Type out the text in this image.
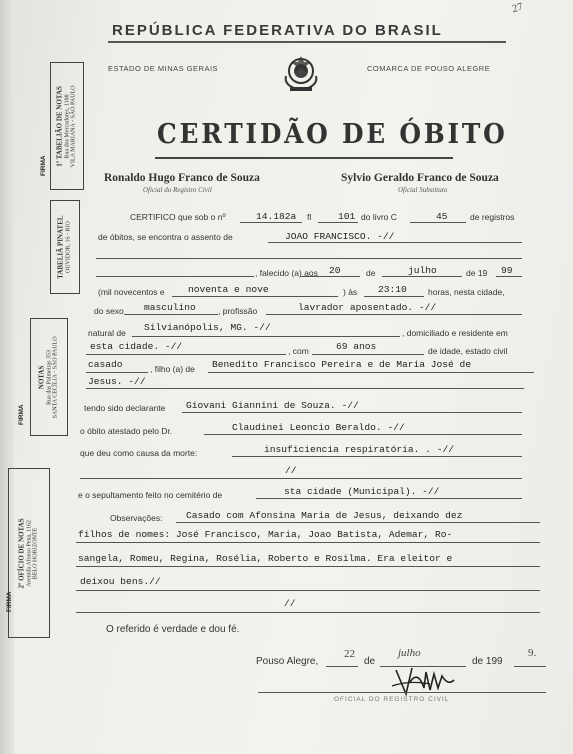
27
REPÚBLICA FEDERATIVA DO BRASIL
ESTADO DE MINAS GERAIS	COMARCA DE POUSO ALEGRE
CERTIDÃO DE ÓBITO
Ronaldo Hugo Franco de Souza
Oficial do Registro Civil
Sylvio Geraldo Franco de Souza
Oficial Substituto
1º TABELIÃO DE NOTAS Rua dos Mercadores, 1188 VILA MARIANA - SÃO PAULO
FIRMA
TABELIÃ PINATEL OUVIDOR, 16 - RIO
NOTAS Rua das Palmeiras 353 SANTA CECÍLIA - SÃO PAULO
FIRMA
2º OFÍCIO DE NOTAS Avenida Afonso Pena, 1162 BELO HORIZONTE
FIRMA
CERTIFICO que sob o nº	14.182a fl	101 do livro C	45	de registros
de óbitos, se encontra o assento de	JOAO FRANCISCO. -//
, falecido (a) aos 20	de	julho	de 19 99
(mil novecentos e noventa e nove	) às 23:10 horas, nesta cidade,
do sexo masculino	, profissão	lavrador aposentado. -//
natural de Silvianópolis, MG. -//	, domiciliado e residente em
esta cidade. -//	, com	69 anos	de idade, estado civil
casado	, filho (a) de Benedito Francisco Pereira e de Maria José de
Jesus. -//
tendo sido declarante Giovani Giannini de Souza. -//
o óbito atestado pelo Dr.	Claudinei Leoncio Beraldo. -//
que deu como causa da morte:	insuficiencia respiratória. . -//
//
e o sepultamento feito no cemitério de	sta cidade (Municipal). -//
Observações: Casado com Afonsina Maria de Jesus, deixando dez
filhos de nomes: José Francisco, Maria, Joao Batista, Ademar, Ro-
sangela, Romeu, Regina, Rosélia, Roberto e Rosilma. Era eleitor e
deixou bens.//
//
O referido é verdade e dou fé.
Pouso Alegre,
22
de
julho
de 199
9.
OFICIAL DO REGISTRO CIVIL
